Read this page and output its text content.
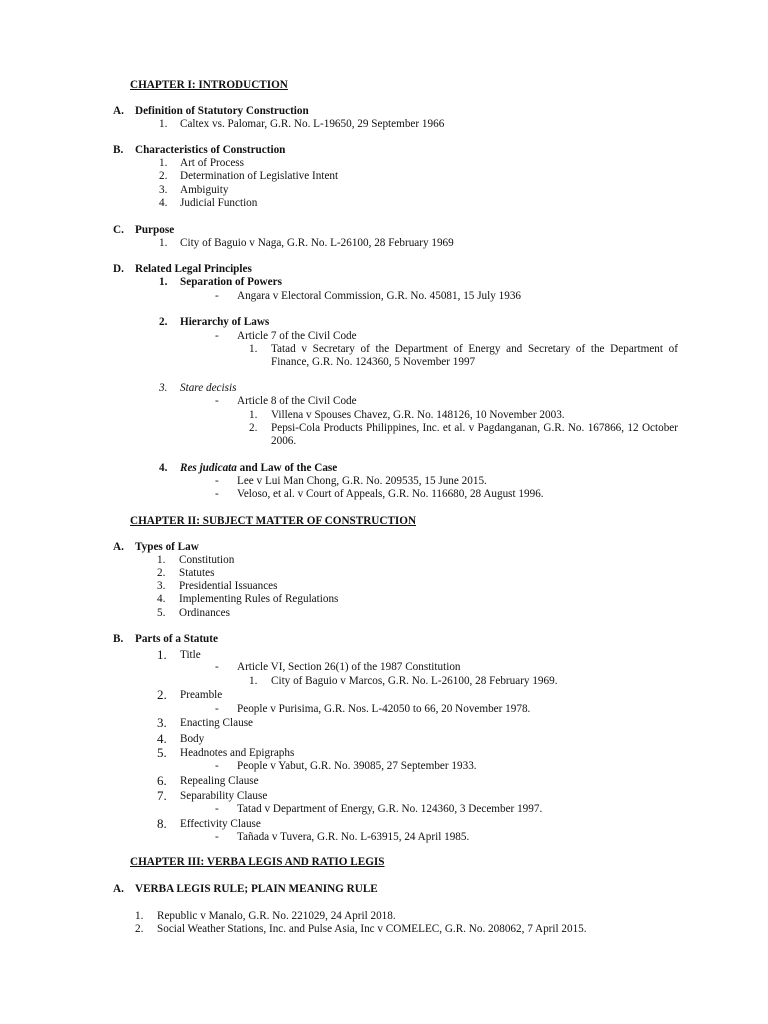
CHAPTER I: INTRODUCTION
A. Definition of Statutory Construction
1. Caltex vs. Palomar, G.R. No. L-19650, 29 September 1966
B. Characteristics of Construction
1. Art of Process
2. Determination of Legislative Intent
3. Ambiguity
4. Judicial Function
C. Purpose
1. City of Baguio v Naga, G.R. No. L-26100, 28 February 1969
D. Related Legal Principles
1. Separation of Powers
- Angara v Electoral Commission, G.R. No. 45081, 15 July 1936
2. Hierarchy of Laws
- Article 7 of the Civil Code
1. Tatad v Secretary of the Department of Energy and Secretary of the Department of Finance, G.R. No. 124360, 5 November 1997
3. Stare decisis
- Article 8 of the Civil Code
1. Villena v Spouses Chavez, G.R. No. 148126, 10 November 2003.
2. Pepsi-Cola Products Philippines, Inc. et al. v Pagdanganan, G.R. No. 167866, 12 October 2006.
4. Res judicata and Law of the Case
- Lee v Lui Man Chong, G.R. No. 209535, 15 June 2015.
- Veloso, et al. v Court of Appeals, G.R. No. 116680, 28 August 1996.
CHAPTER II: SUBJECT MATTER OF CONSTRUCTION
A. Types of Law
1. Constitution
2. Statutes
3. Presidential Issuances
4. Implementing Rules of Regulations
5. Ordinances
B. Parts of a Statute
1. Title
- Article VI, Section 26(1) of the 1987 Constitution
1. City of Baguio v Marcos, G.R. No. L-26100, 28 February 1969.
2. Preamble
- People v Purisima, G.R. Nos. L-42050 to 66, 20 November 1978.
3. Enacting Clause
4. Body
5. Headnotes and Epigraphs
- People v Yabut, G.R. No. 39085, 27 September 1933.
6. Repealing Clause
7. Separability Clause
- Tatad v Department of Energy, G.R. No. 124360, 3 December 1997.
8. Effectivity Clause
- Tañada v Tuvera, G.R. No. L-63915, 24 April 1985.
CHAPTER III: VERBA LEGIS AND RATIO LEGIS
A. VERBA LEGIS RULE; PLAIN MEANING RULE
1. Republic v Manalo, G.R. No. 221029, 24 April 2018.
2. Social Weather Stations, Inc. and Pulse Asia, Inc v COMELEC, G.R. No. 208062, 7 April 2015.
